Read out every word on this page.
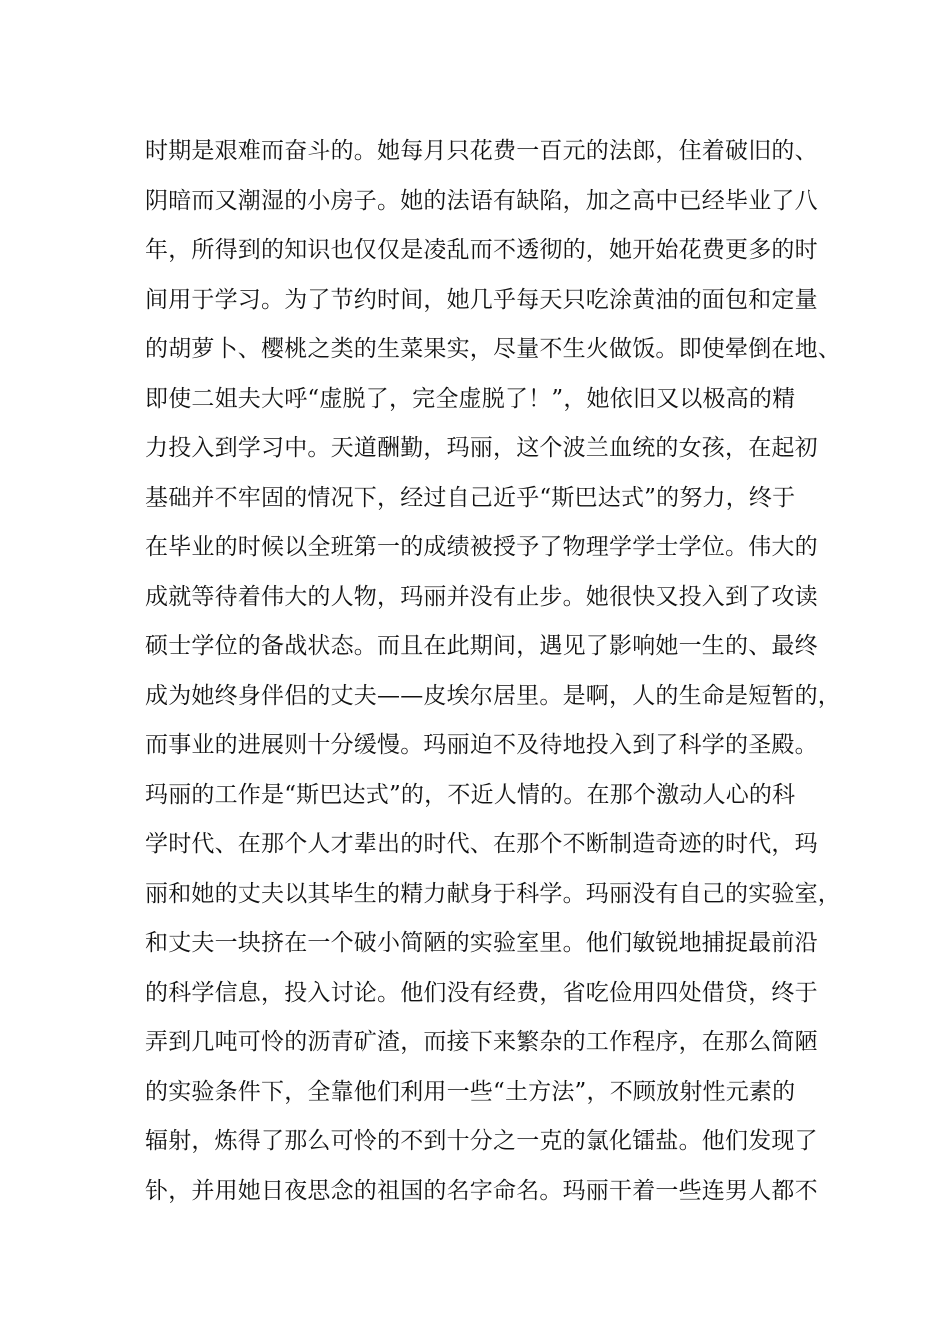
时期是艰难而奋斗的。她每月只花费一百元的法郎，住着破旧的、
阴暗而又潮湿的小房子。她的法语有缺陷，加之高中已经毕业了八
年，所得到的知识也仅仅是凌乱而不透彻的，她开始花费更多的时
间用于学习。为了节约时间，她几乎每天只吃涂黄油的面包和定量
的胡萝卜、樱桃之类的生菜果实，尽量不生火做饭。即使晕倒在地、
即使二姐夫大呼“虚脱了，完全虚脱了！”，她依旧又以极高的精
力投入到学习中。天道酬勤，玛丽，这个波兰血统的女孩，在起初
基础并不牢固的情况下，经过自己近乎“斯巴达式”的努力，终于
在毕业的时候以全班第一的成绩被授予了物理学学士学位。伟大的
成就等待着伟大的人物，玛丽并没有止步。她很快又投入到了攻读
硕士学位的备战状态。而且在此期间，遇见了影响她一生的、最终
成为她终身伴侣的丈夫——皮埃尔居里。是啊，人的生命是短暂的，
而事业的进展则十分缓慢。玛丽迫不及待地投入到了科学的圣殿。
玛丽的工作是“斯巴达式”的，不近人情的。在那个激动人心的科
学时代、在那个人才辈出的时代、在那个不断制造奇迹的时代，玛
丽和她的丈夫以其毕生的精力献身于科学。玛丽没有自己的实验室，
和丈夫一块挤在一个破小简陋的实验室里。他们敏锐地捕捉最前沿
的科学信息，投入讨论。他们没有经费，省吃俭用四处借贷，终于
弄到几吨可怜的沥青矿渣，而接下来繁杂的工作程序，在那么简陋
的实验条件下，全靠他们利用一些“土方法”，不顾放射性元素的
辐射，炼得了那么可怜的不到十分之一克的氯化镭盐。他们发现了
钋，并用她日夜思念的祖国的名字命名。玛丽干着一些连男人都不
